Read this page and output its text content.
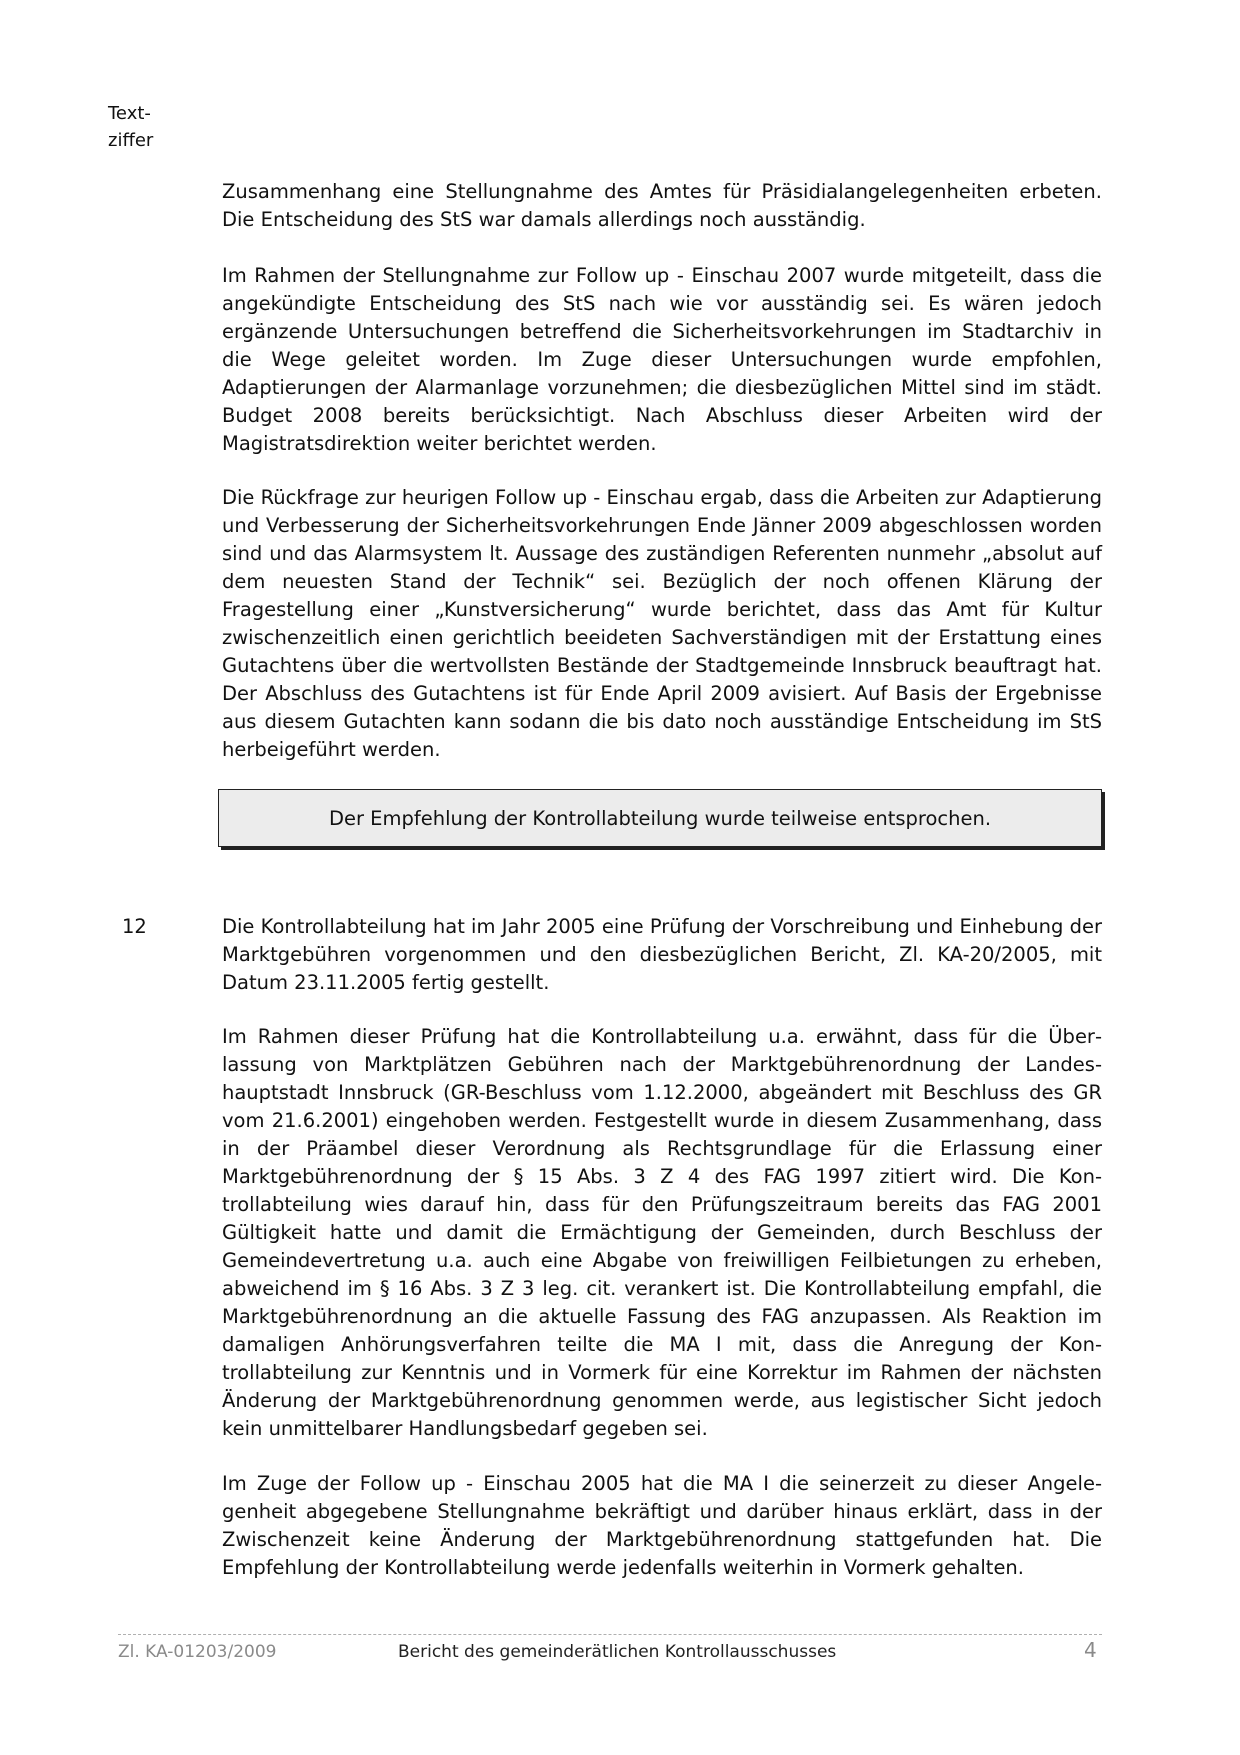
Text-
ziffer

Zusammenhang eine Stellungnahme des Amtes für Präsidialangelegenheiten erbeten. Die Entscheidung des StS war damals allerdings noch ausständig.

Im Rahmen der Stellungnahme zur Follow up - Einschau 2007 wurde mitgeteilt, dass die angekündigte Entscheidung des StS nach wie vor ausständig sei. Es wären jedoch ergänzende Untersuchungen betreffend die Sicherheitsvorkehrungen im Stadtarchiv in die Wege geleitet worden. Im Zuge dieser Untersuchungen wurde empfohlen, Adaptierungen der Alarmanlage vorzunehmen; die diesbezüglichen Mittel sind im städt. Budget 2008 bereits berücksichtigt. Nach Abschluss dieser Arbeiten wird der Magistratsdirektion weiter berichtet werden.

Die Rückfrage zur heurigen Follow up - Einschau ergab, dass die Arbeiten zur Adaptierung und Verbesserung der Sicherheitsvorkehrungen Ende Jänner 2009 abgeschlossen worden sind und das Alarmsystem lt. Aussage des zuständigen Referenten nunmehr „absolut auf dem neuesten Stand der Technik“ sei. Bezüglich der noch offenen Klärung der Fragestellung einer „Kunstversicherung“ wurde berichtet, dass das Amt für Kultur zwischenzeitlich einen gerichtlich beeideten Sachverständigen mit der Erstattung eines Gutachtens über die wertvollsten Bestände der Stadtgemeinde Innsbruck beauftragt hat. Der Abschluss des Gutachtens ist für Ende April 2009 avisiert. Auf Basis der Ergebnisse aus diesem Gutachten kann sodann die bis dato noch ausständige Entscheidung im StS herbeigeführt werden.

Der Empfehlung der Kontrollabteilung wurde teilweise entsprochen.
12	Die Kontrollabteilung hat im Jahr 2005 eine Prüfung der Vorschreibung und Einhebung der Marktgebühren vorgenommen und den diesbezüglichen Bericht, Zl. KA-20/2005, mit Datum 23.11.2005 fertig gestellt.

Im Rahmen dieser Prüfung hat die Kontrollabteilung u.a. erwähnt, dass für die Überlassung von Marktplätzen Gebühren nach der Marktgebührenordnung der Landeshauptstadt Innsbruck (GR-Beschluss vom 1.12.2000, abgeändert mit Beschluss des GR vom 21.6.2001) eingehoben werden. Festgestellt wurde in diesem Zusammenhang, dass in der Präambel dieser Verordnung als Rechtsgrundlage für die Erlassung einer Marktgebührenordnung der § 15 Abs. 3 Z 4 des FAG 1997 zitiert wird. Die Kontrollabteilung wies darauf hin, dass für den Prüfungszeitraum bereits das FAG 2001 Gültigkeit hatte und damit die Ermächtigung der Gemeinden, durch Beschluss der Gemeindevertretung u.a. auch eine Abgabe von freiwilligen Feilbietungen zu erheben, abweichend im § 16 Abs. 3 Z 3 leg. cit. verankert ist. Die Kontrollabteilung empfahl, die Marktgebührenordnung an die aktuelle Fassung des FAG anzupassen. Als Reaktion im damaligen Anhörungsverfahren teilte die MA I mit, dass die Anregung der Kontrollabteilung zur Kenntnis und in Vormerk für eine Korrektur im Rahmen der nächsten Änderung der Marktgebührenordnung genommen werde, aus legistischer Sicht jedoch kein unmittelbarer Handlungsbedarf gegeben sei.

Im Zuge der Follow up - Einschau 2005 hat die MA I die seinerzeit zu dieser Angelegenheit abgegebene Stellungnahme bekräftigt und darüber hinaus erklärt, dass in der Zwischenzeit keine Änderung der Marktgebührenordnung stattgefunden hat. Die Empfehlung der Kontrollabteilung werde jedenfalls weiterhin in Vormerk gehalten.

Zl. KA-01203/2009	Bericht des gemeinderätlichen Kontrollausschusses	4
